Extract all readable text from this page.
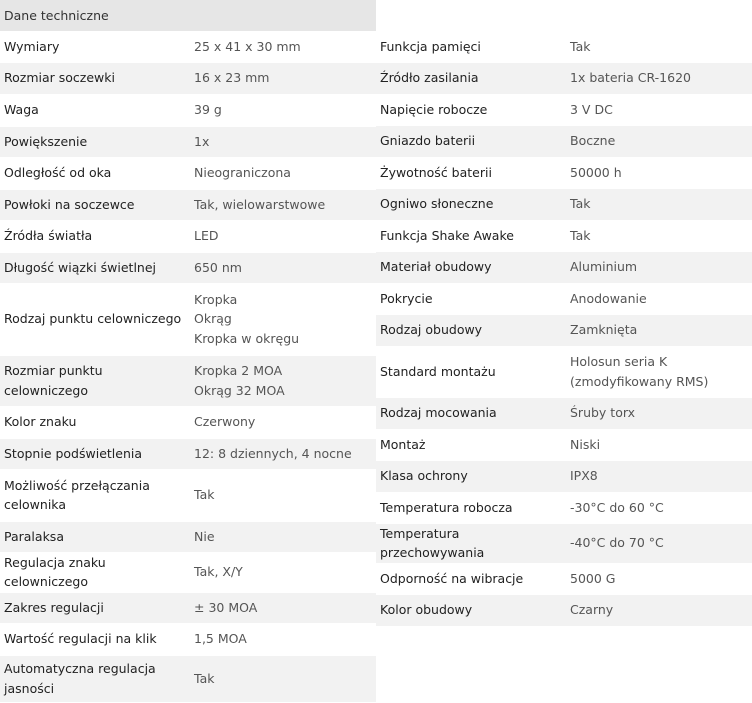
Dane techniczne
Wymiary	25 x 41 x 30 mm

Rozmiar soczewki	16 x 23 mm

Waga	39 g

Powiększenie	1x

Odległość od oka	Nieograniczona

Powłoki na soczewce	Tak, wielowarstwowe

Źródła światła	LED

Długość wiązki świetlnej	650 nm

Rodzaj punktu celowniczego	Kropka
Okrąg
Kropka w okręgu

Rozmiar punktu celowniczego	Kropka 2 MOA
Okrąg 32 MOA

Kolor znaku	Czerwony

Stopnie podświetlenia	12: 8 dziennych, 4 nocne

Możliwość przełączania celownika	Tak

Paralaksa	Nie

Regulacja znaku celowniczego	Tak, X/Y

Zakres regulacji	± 30 MOA

Wartość regulacji na klik	1,5 MOA

Automatyczna regulacja jasności	Tak
Funkcja pamięci	Tak

Źródło zasilania	1x bateria CR-1620

Napięcie robocze	3 V DC

Gniazdo baterii	Boczne

Żywotność baterii	50000 h

Ogniwo słoneczne	Tak

Funkcja Shake Awake	Tak

Materiał obudowy	Aluminium

Pokrycie	Anodowanie

Rodzaj obudowy	Zamknięta

Standard montażu	Holosun seria K
(zmodyfikowany RMS)

Rodzaj mocowania	Śruby torx

Montaż	Niski

Klasa ochrony	IPX8

Temperatura robocza	-30°C do 60 °C

Temperatura przechowywania	-40°C do 70 °C

Odporność na wibracje	5000 G

Kolor obudowy	Czarny
